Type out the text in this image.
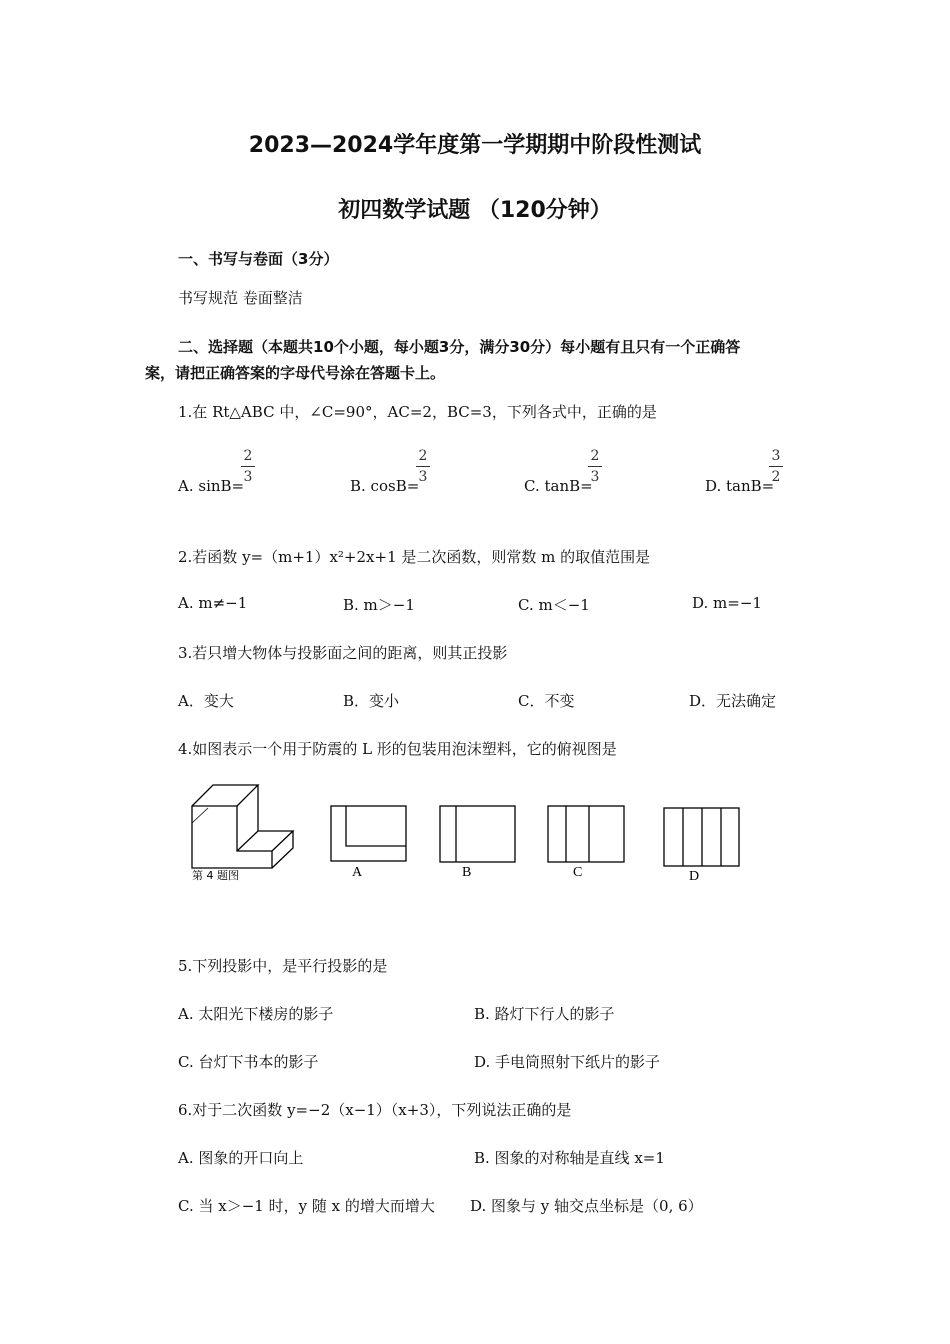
2023—2024学年度第一学期期中阶段性测试
初四数学试题 （120分钟）
一、书写与卷面（3分）
书写规范 卷面整洁
二、选择题（本题共10个小题，每小题3分，满分30分）每小题有且只有一个正确答
案，请把正确答案的字母代号涂在答题卡上。
1.在 Rt△ABC 中，∠C=90°，AC=2，BC=3，下列各式中，正确的是
A. sinB=
2
3	B. cosB=
2
3	C. tanB=
2
3	D. tanB=
3
2
2.若函数 y=（m+1）x²+2x+1 是二次函数，则常数 m 的取值范围是
A. m≠−1	B. m＞−1	C. m＜−1	D. m=−1
3.若只增大物体与投影面之间的距离，则其正投影
A．变大	B．变小	C．不变	D．无法确定
4.如图表示一个用于防震的 L 形的包装用泡沫塑料，它的俯视图是
第 4 题图	A	B	C	D
5.下列投影中，是平行投影的是
A. 太阳光下楼房的影子	B. 路灯下行人的影子
C. 台灯下书本的影子	D. 手电筒照射下纸片的影子
6.对于二次函数 y=−2（x−1）（x+3），下列说法正确的是
A. 图象的开口向上	B. 图象的对称轴是直线 x=1
C. 当 x＞−1 时，y 随 x 的增大而增大 D. 图象与 y 轴交点坐标是（0, 6）
